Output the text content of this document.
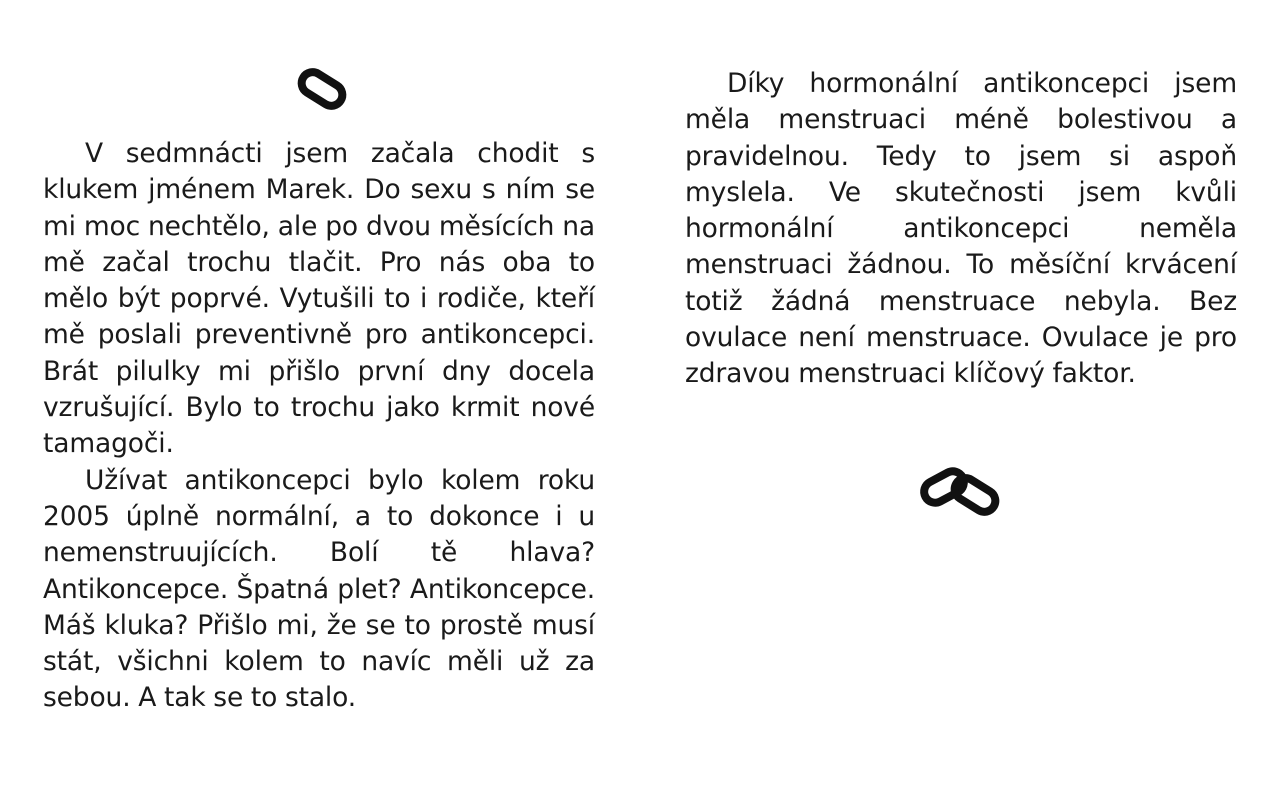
V sedmnácti jsem začala chodit s klukem jménem Marek. Do sexu s ním se mi moc nechtělo, ale po dvou měsících na mě začal trochu tlačit. Pro nás oba to mělo být poprvé. Vytušili to i rodiče, kteří mě poslali preventivně pro antikoncepci. Brát pilulky mi přišlo první dny docela vzrušující. Bylo to trochu jako krmit nové tamagoči.

Užívat antikoncepci bylo kolem roku 2005 úplně normální, a to dokonce i u nemenstruujících. Bolí tě hlava? Antikoncepce. Špatná plet? Antikoncepce. Máš kluka? Přišlo mi, že se to prostě musí stát, všichni kolem to navíc měli už za sebou. A tak se to stalo.

Díky hormonální antikoncepci jsem měla menstruaci méně bolestivou a pravidelnou. Tedy to jsem si aspoň myslela. Ve skutečnosti jsem kvůli hormonální antikoncepci neměla menstruaci žádnou. To měsíční krvácení totiž žádná menstruace nebyla. Bez ovulace není menstruace. Ovulace je pro zdravou menstruaci klíčový faktor.
